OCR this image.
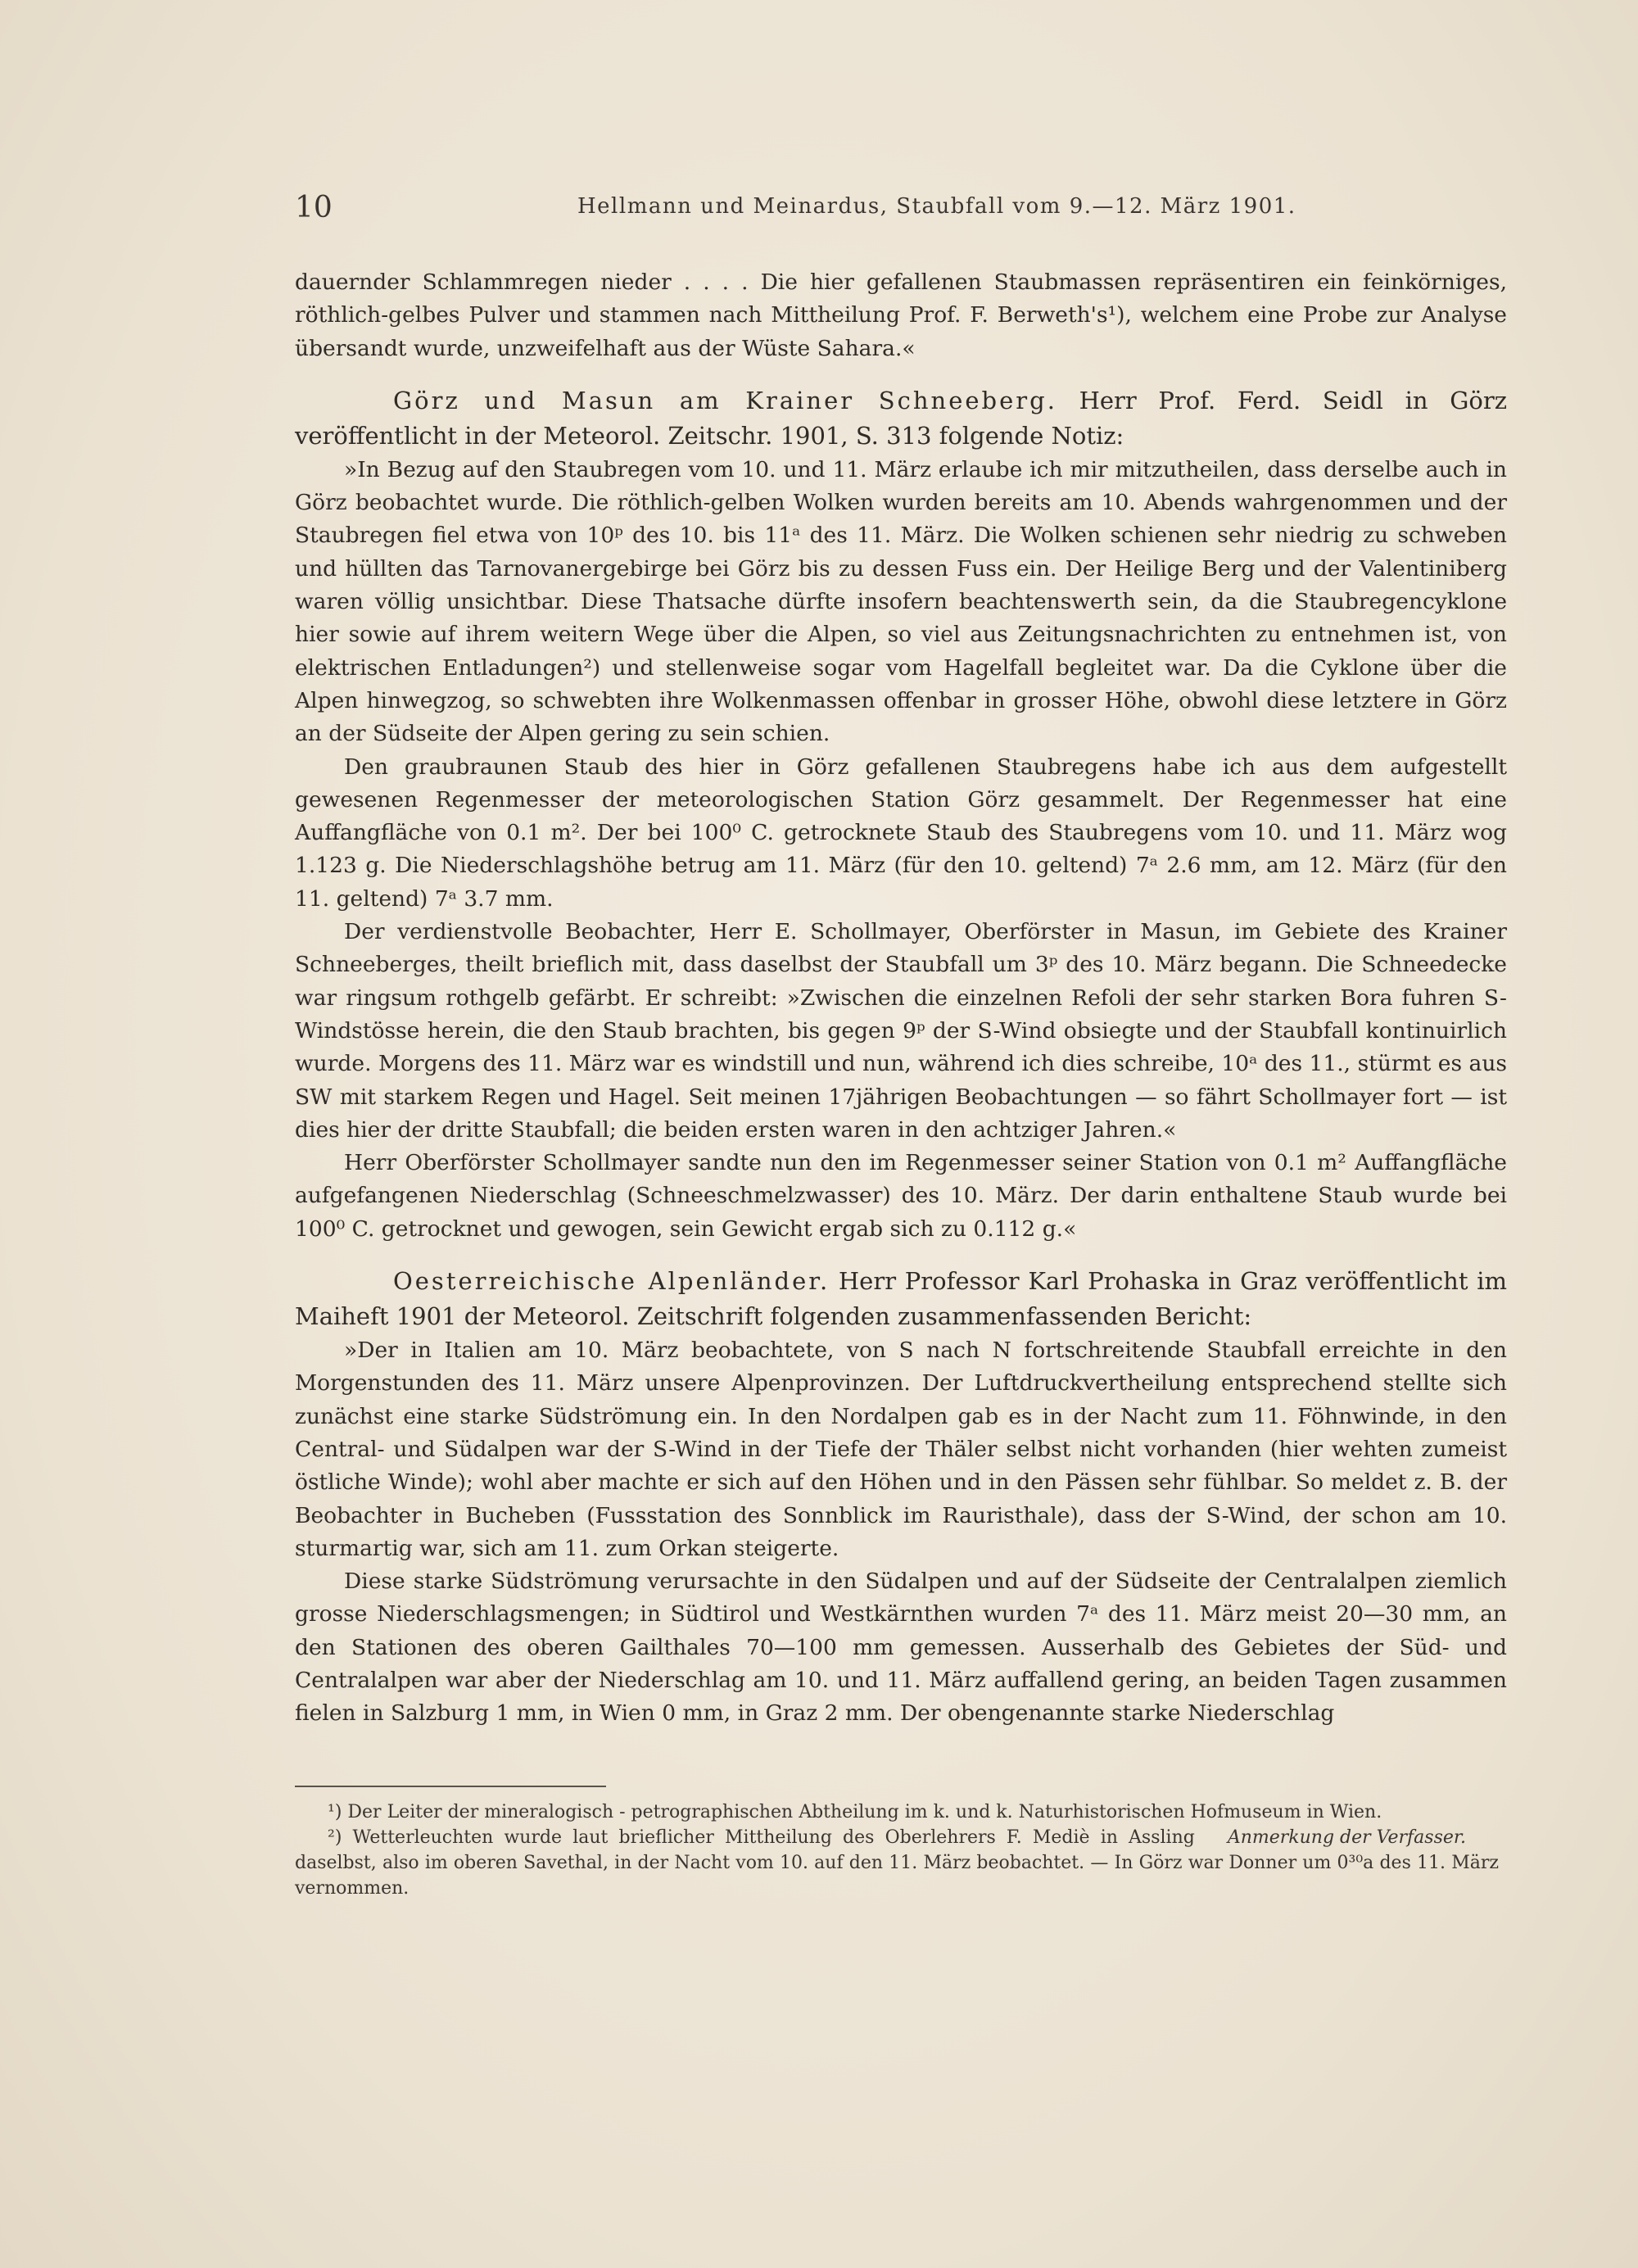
10	Hellmann und Meinardus, Staubfall vom 9.—12. März 1901.

dauernder Schlammregen nieder . . . . Die hier gefallenen Staubmassen repräsentiren ein feinkörniges, röthlich-gelbes Pulver und stammen nach Mittheilung Prof. F. Berweth's¹), welchem eine Probe zur Analyse übersandt wurde, unzweifelhaft aus der Wüste Sahara.«

Görz und Masun am Krainer Schneeberg. Herr Prof. Ferd. Seidl in Görz veröffentlicht in der Meteorol. Zeitschr. 1901, S. 313 folgende Notiz:

»In Bezug auf den Staubregen vom 10. und 11. März erlaube ich mir mitzutheilen, dass derselbe auch in Görz beobachtet wurde. Die röthlich-gelben Wolken wurden bereits am 10. Abends wahrgenommen und der Staubregen fiel etwa von 10ᵖ des 10. bis 11ᵃ des 11. März. Die Wolken schienen sehr niedrig zu schweben und hüllten das Tarnovanergebirge bei Görz bis zu dessen Fuss ein. Der Heilige Berg und der Valentiniberg waren völlig unsichtbar. Diese Thatsache dürfte insofern beachtenswerth sein, da die Staubregencyklone hier sowie auf ihrem weitern Wege über die Alpen, so viel aus Zeitungsnachrichten zu entnehmen ist, von elektrischen Entladungen²) und stellenweise sogar vom Hagelfall begleitet war. Da die Cyklone über die Alpen hinwegzog, so schwebten ihre Wolkenmassen offenbar in grosser Höhe, obwohl diese letztere in Görz an der Südseite der Alpen gering zu sein schien.

Den graubraunen Staub des hier in Görz gefallenen Staubregens habe ich aus dem aufgestellt gewesenen Regenmesser der meteorologischen Station Görz gesammelt. Der Regenmesser hat eine Auffangfläche von 0.1 m². Der bei 100⁰ C. getrocknete Staub des Staubregens vom 10. und 11. März wog 1.123 g. Die Niederschlagshöhe betrug am 11. März (für den 10. geltend) 7ᵃ 2.6 mm, am 12. März (für den 11. geltend) 7ᵃ 3.7 mm.

Der verdienstvolle Beobachter, Herr E. Schollmayer, Oberförster in Masun, im Gebiete des Krainer Schneeberges, theilt brieflich mit, dass daselbst der Staubfall um 3ᵖ des 10. März begann. Die Schneedecke war ringsum rothgelb gefärbt. Er schreibt: »Zwischen die einzelnen Refoli der sehr starken Bora fuhren S-Windstösse herein, die den Staub brachten, bis gegen 9ᵖ der S-Wind obsiegte und der Staubfall kontinuirlich wurde. Morgens des 11. März war es windstill und nun, während ich dies schreibe, 10ᵃ des 11., stürmt es aus SW mit starkem Regen und Hagel. Seit meinen 17jährigen Beobachtungen — so fährt Schollmayer fort — ist dies hier der dritte Staubfall; die beiden ersten waren in den achtziger Jahren.«

Herr Oberförster Schollmayer sandte nun den im Regenmesser seiner Station von 0.1 m² Auffangfläche aufgefangenen Niederschlag (Schneeschmelzwasser) des 10. März. Der darin enthaltene Staub wurde bei 100⁰ C. getrocknet und gewogen, sein Gewicht ergab sich zu 0.112 g.«

Oesterreichische Alpenländer. Herr Professor Karl Prohaska in Graz veröffentlicht im Maiheft 1901 der Meteorol. Zeitschrift folgenden zusammenfassenden Bericht:

»Der in Italien am 10. März beobachtete, von S nach N fortschreitende Staubfall erreichte in den Morgenstunden des 11. März unsere Alpenprovinzen. Der Luftdruckvertheilung entsprechend stellte sich zunächst eine starke Südströmung ein. In den Nordalpen gab es in der Nacht zum 11. Föhnwinde, in den Central- und Südalpen war der S-Wind in der Tiefe der Thäler selbst nicht vorhanden (hier wehten zumeist östliche Winde); wohl aber machte er sich auf den Höhen und in den Pässen sehr fühlbar. So meldet z. B. der Beobachter in Bucheben (Fussstation des Sonnblick im Rauristhale), dass der S-Wind, der schon am 10. sturmartig war, sich am 11. zum Orkan steigerte.

Diese starke Südströmung verursachte in den Südalpen und auf der Südseite der Centralalpen ziemlich grosse Niederschlagsmengen; in Südtirol und Westkärnthen wurden 7ᵃ des 11. März meist 20—30 mm, an den Stationen des oberen Gailthales 70—100 mm gemessen. Ausserhalb des Gebietes der Süd- und Centralalpen war aber der Niederschlag am 10. und 11. März auffallend gering, an beiden Tagen zusammen fielen in Salzburg 1 mm, in Wien 0 mm, in Graz 2 mm. Der obengenannte starke Niederschlag

¹) Der Leiter der mineralogisch - petrographischen Abtheilung im k. und k. Naturhistorischen Hofmuseum in Wien.
Anmerkung der Verfasser.

²) Wetterleuchten wurde laut brieflicher Mittheilung des Oberlehrers F. Mediè in Assling daselbst, also im oberen Savethal, in der Nacht vom 10. auf den 11. März beobachtet. — In Görz war Donner um 0³⁰a des 11. März vernommen.
